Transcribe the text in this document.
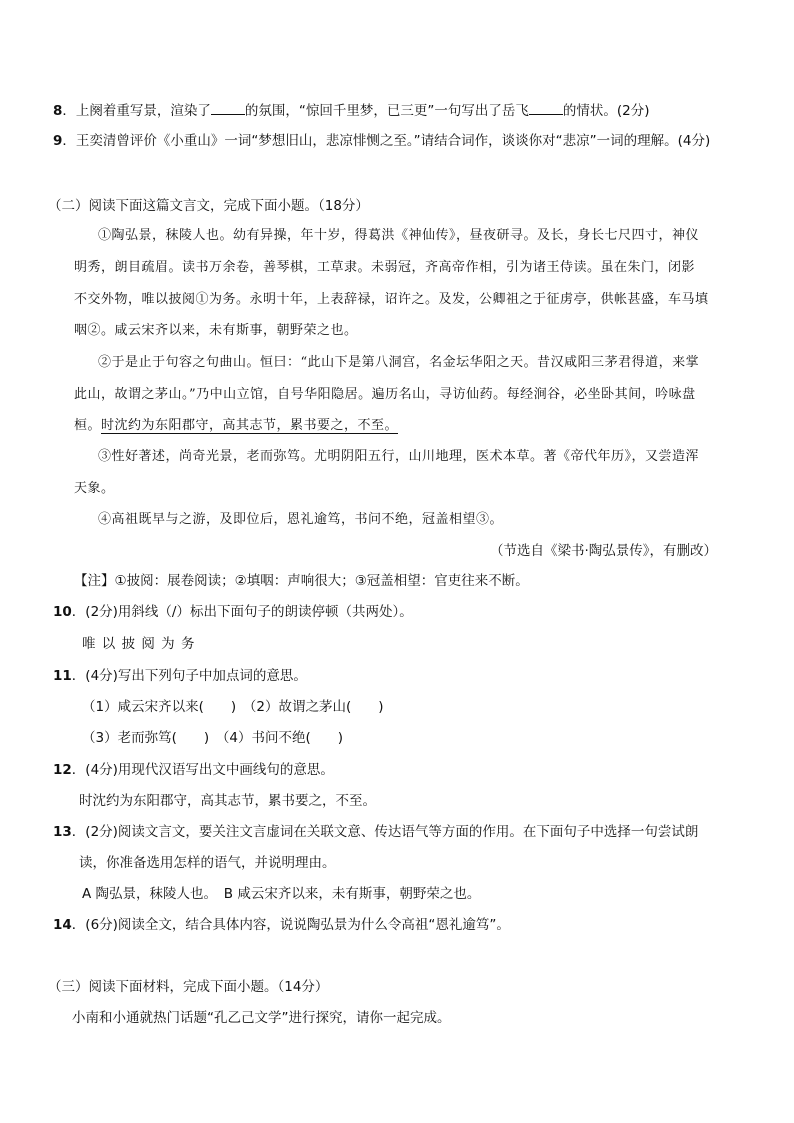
8．上阕着重写景，渲染了	的氛围，“惊回千里梦，已三更”一句写出了岳飞	的情状。(2分)
9．王奕清曾评价《小重山》一词“梦想旧山，悲凉悱恻之至。”请结合词作，谈谈你对“悲凉”一词的理解。(4分)
（二）阅读下面这篇文言文，完成下面小题。（18分）
①陶弘景，秣陵人也。幼有异操，年十岁，得葛洪《神仙传》，昼夜研寻。及长，身长七尺四寸，神仪
明秀，朗目疏眉。读书万余卷，善琴棋，工草隶。未弱冠，齐高帝作相，引为诸王侍读。虽在朱门，闭影
不交外物，唯以披阅①为务。永明十年，上表辞禄，诏许之。及发，公卿祖之于征虏亭，供帐甚盛，车马填
咽②。咸云宋齐以来，未有斯事，朝野荣之也。
②于是止于句容之句曲山。恒曰：“此山下是第八洞宫，名金坛华阳之天。昔汉咸阳三茅君得道，来掌
此山，故谓之茅山。”乃中山立馆，自号华阳隐居。遍历名山，寻访仙药。每经涧谷，必坐卧其间，吟咏盘
桓。时沈约为东阳郡守，高其志节，累书要之，不至。
③性好著述，尚奇光景，老而弥笃。尤明阴阳五行，山川地理，医术本草。著《帝代年历》，又尝造浑
天象。
④高祖既早与之游，及即位后，恩礼逾笃，书问不绝，冠盖相望③。
（节选自《梁书·陶弘景传》，有删改）
【注】①披阅：展卷阅读；②填咽：声响很大；③冠盖相望：官吏往来不断。
10．(2分)用斜线（/）标出下面句子的朗读停顿（共两处）。
唯 以 披 阅 为 务
11．(4分)写出下列句子中加点词的意思。
（1）咸云宋齐以来(　　)　（2）故谓之茅山(　　)
（3）老而弥笃(　　)　（4）书问不绝(　　)
12．(4分)用现代汉语写出文中画线句的意思。
时沈约为东阳郡守，高其志节，累书要之，不至。
13．(2分)阅读文言文，要关注文言虚词在关联文意、传达语气等方面的作用。在下面句子中选择一句尝试朗
读，你准备选用怎样的语气，并说明理由。
A 陶弘景，秣陵人也。　B 咸云宋齐以来，未有斯事，朝野荣之也。
14．(6分)阅读全文，结合具体内容，说说陶弘景为什么令高祖“恩礼逾笃”。
（三）阅读下面材料，完成下面小题。（14分）
小南和小通就热门话题“孔乙己文学”进行探究，请你一起完成。
